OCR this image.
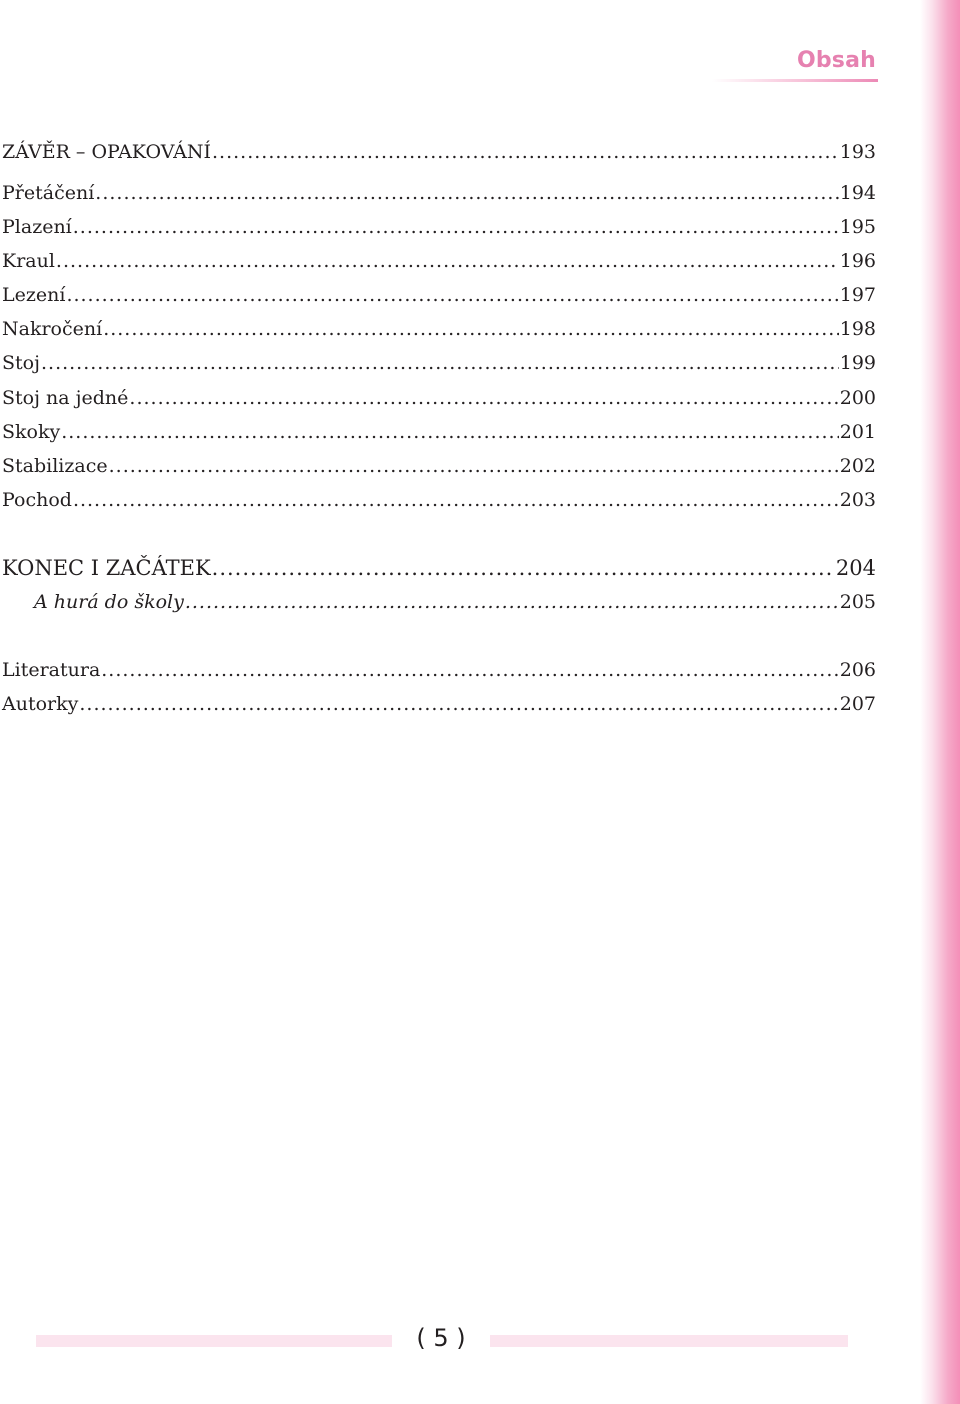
Obsah
ZÁVĚR – OPAKOVÁNÍ .....	193
Přetáčení .....	194
Plazení .....	195
Kraul .....	196
Lezení .....	197
Nakročení .....	198
Stoj .....	199
Stoj na jedné .....	200
Skoky .....	201
Stabilizace .....	202
Pochod .....	203
KONEC I ZAČÁTEK .....	204
A hurá do školy .....	205
Literatura .....	206
Autorky .....	207
( 5 )
